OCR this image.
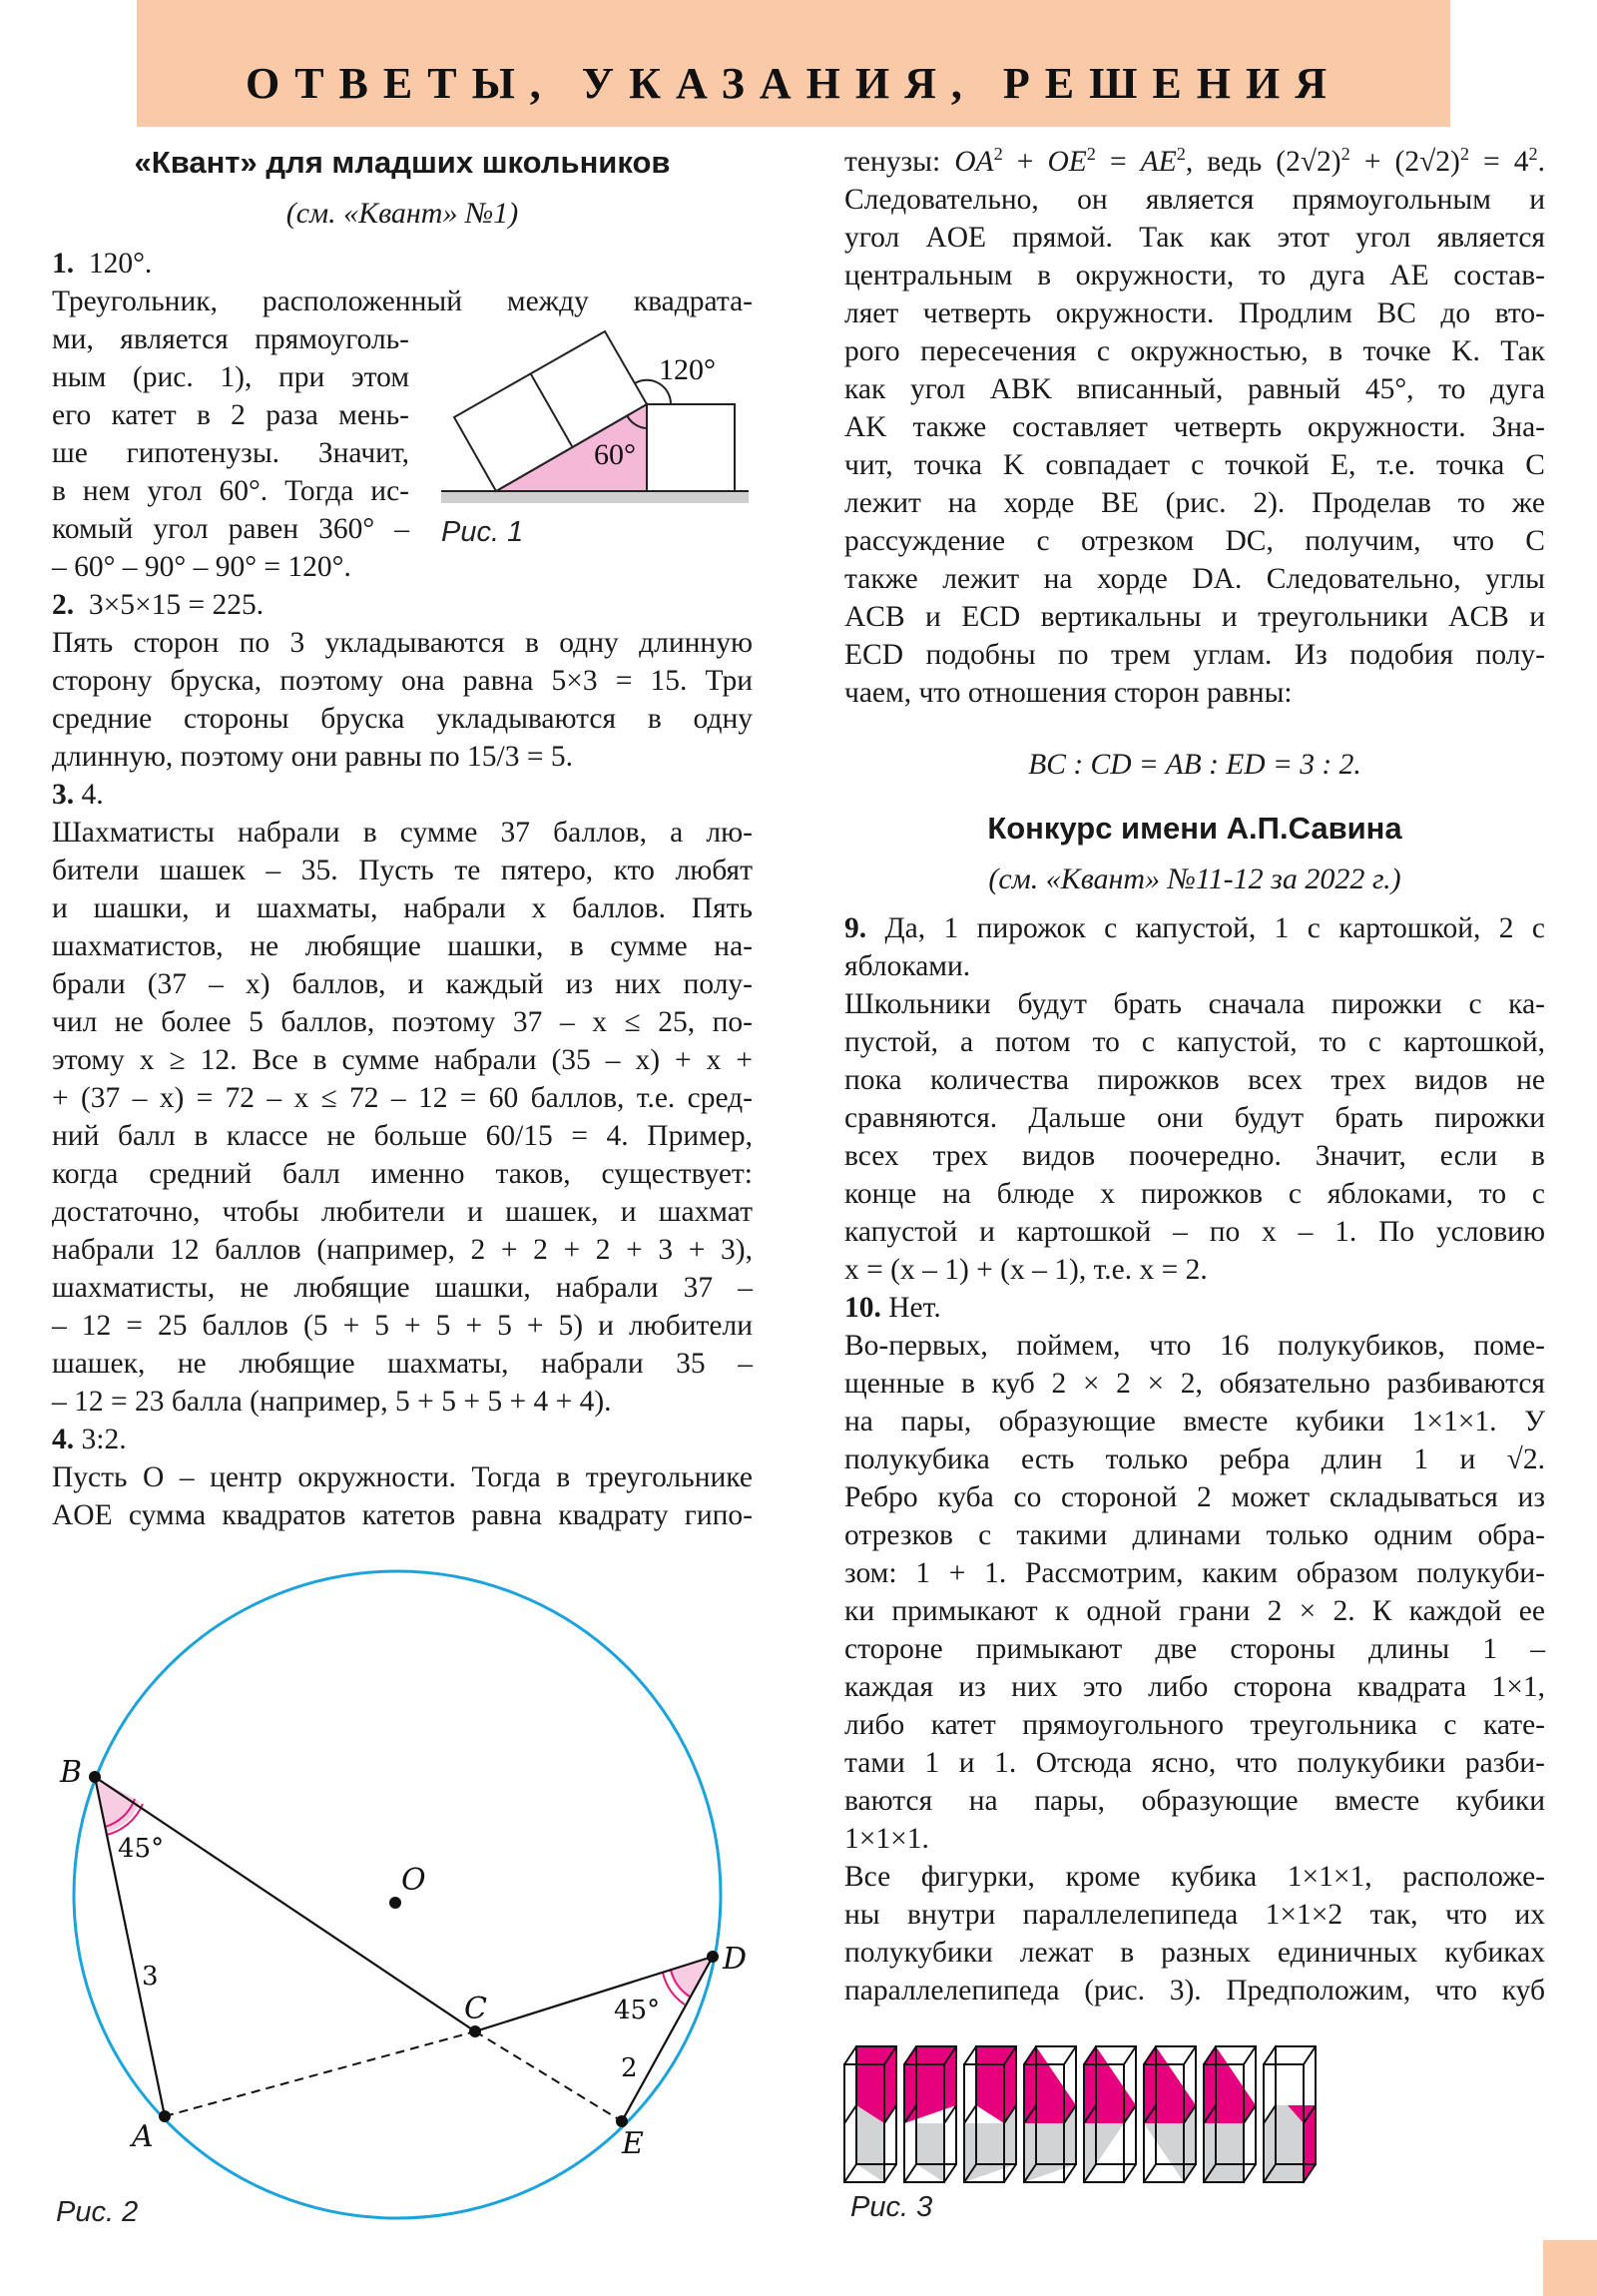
ОТВЕТЫ, УКАЗАНИЯ, РЕШЕНИЯ
«Квант» для младших школьников
(см. «Квант» №1)
1. 120°.
Треугольник, расположенный между квадрата-
ми, является прямоуголь-
ным (рис. 1), при этом
его катет в 2 раза мень-
ше гипотенузы. Значит,
в нем угол 60°. Тогда ис-
комый угол равен 360° –
– 60° – 90° – 90° = 120°.
2. 3×5×15 = 225.
Пять сторон по 3 укладываются в одну длинную
сторону бруска, поэтому она равна 5×3 = 15. Три
средние стороны бруска укладываются в одну
длинную, поэтому они равны по 15/3 = 5.
3. 4.
Шахматисты набрали в сумме 37 баллов, а лю-
бители шашек – 35. Пусть те пятеро, кто любят
и шашки, и шахматы, набрали x баллов. Пять
шахматистов, не любящие шашки, в сумме на-
брали (37 – x) баллов, и каждый из них полу-
чил не более 5 баллов, поэтому 37 – x ≤ 25, по-
этому x ≥ 12. Все в сумме набрали (35 – x) + x +
+ (37 – x) = 72 – x ≤ 72 – 12 = 60 баллов, т.е. сред-
ний балл в классе не больше 60/15 = 4. Пример,
когда средний балл именно таков, существует:
достаточно, чтобы любители и шашек, и шахмат
набрали 12 баллов (например, 2 + 2 + 2 + 3 + 3),
шахматисты, не любящие шашки, набрали 37 –
– 12 = 25 баллов (5 + 5 + 5 + 5 + 5) и любители
шашек, не любящие шахматы, набрали 35 –
– 12 = 23 балла (например, 5 + 5 + 5 + 4 + 4).
4. 3:2.
Пусть O – центр окружности. Тогда в треугольнике
AOE сумма квадратов катетов равна квадрату гипо-
120°
60°
Рис. 1
B
A
C
D
E
O
45°
45°
3
2
Рис. 2
тенузы: $OA^2 + OE^2 = AE^2$, ведь $(2√2)^2 + (2√2)^2 = 4^2$.
Следовательно, он является прямоугольным и
угол AOE прямой. Так как этот угол является
центральным в окружности, то дуга AE состав-
ляет четверть окружности. Продлим BC до вто-
рого пересечения с окружностью, в точке K. Так
как угол ABK вписанный, равный 45°, то дуга
AK также составляет четверть окружности. Зна-
чит, точка K совпадает с точкой E, т.е. точка C
лежит на хорде BE (рис. 2). Проделав то же
рассуждение с отрезком DC, получим, что C
также лежит на хорде DA. Следовательно, углы
ACB и ECD вертикальны и треугольники ACB и
ECD подобны по трем углам. Из подобия полу-
чаем, что отношения сторон равны:
BC : CD = AB : ED = 3 : 2.
Конкурс имени А.П.Савина
(см. «Квант» №11-12 за 2022 г.)
9. Да, 1 пирожок с капустой, 1 с картошкой, 2 с
яблоками.
Школьники будут брать сначала пирожки с ка-
пустой, а потом то с капустой, то с картошкой,
пока количества пирожков всех трех видов не
сравняются. Дальше они будут брать пирожки
всех трех видов поочередно. Значит, если в
конце на блюде x пирожков с яблоками, то с
капустой и картошкой – по x – 1. По условию
x = (x – 1) + (x – 1), т.е. x = 2.
10. Нет.
Во-первых, поймем, что 16 полукубиков, поме-
щенные в куб 2 × 2 × 2, обязательно разбиваются
на пары, образующие вместе кубики 1×1×1. У
полукубика есть только ребра длин 1 и √2.
Ребро куба со стороной 2 может складываться из
отрезков с такими длинами только одним обра-
зом: 1 + 1. Рассмотрим, каким образом полукуби-
ки примыкают к одной грани 2 × 2. К каждой ее
стороне примыкают две стороны длины 1 –
каждая из них это либо сторона квадрата 1×1,
либо катет прямоугольного треугольника с кате-
тами 1 и 1. Отсюда ясно, что полукубики разби-
ваются на пары, образующие вместе кубики
1×1×1.
Все фигурки, кроме кубика 1×1×1, расположе-
ны внутри параллелепипеда 1×1×2 так, что их
полукубики лежат в разных единичных кубиках
параллелепипеда (рис. 3). Предположим, что куб
Рис. 3
